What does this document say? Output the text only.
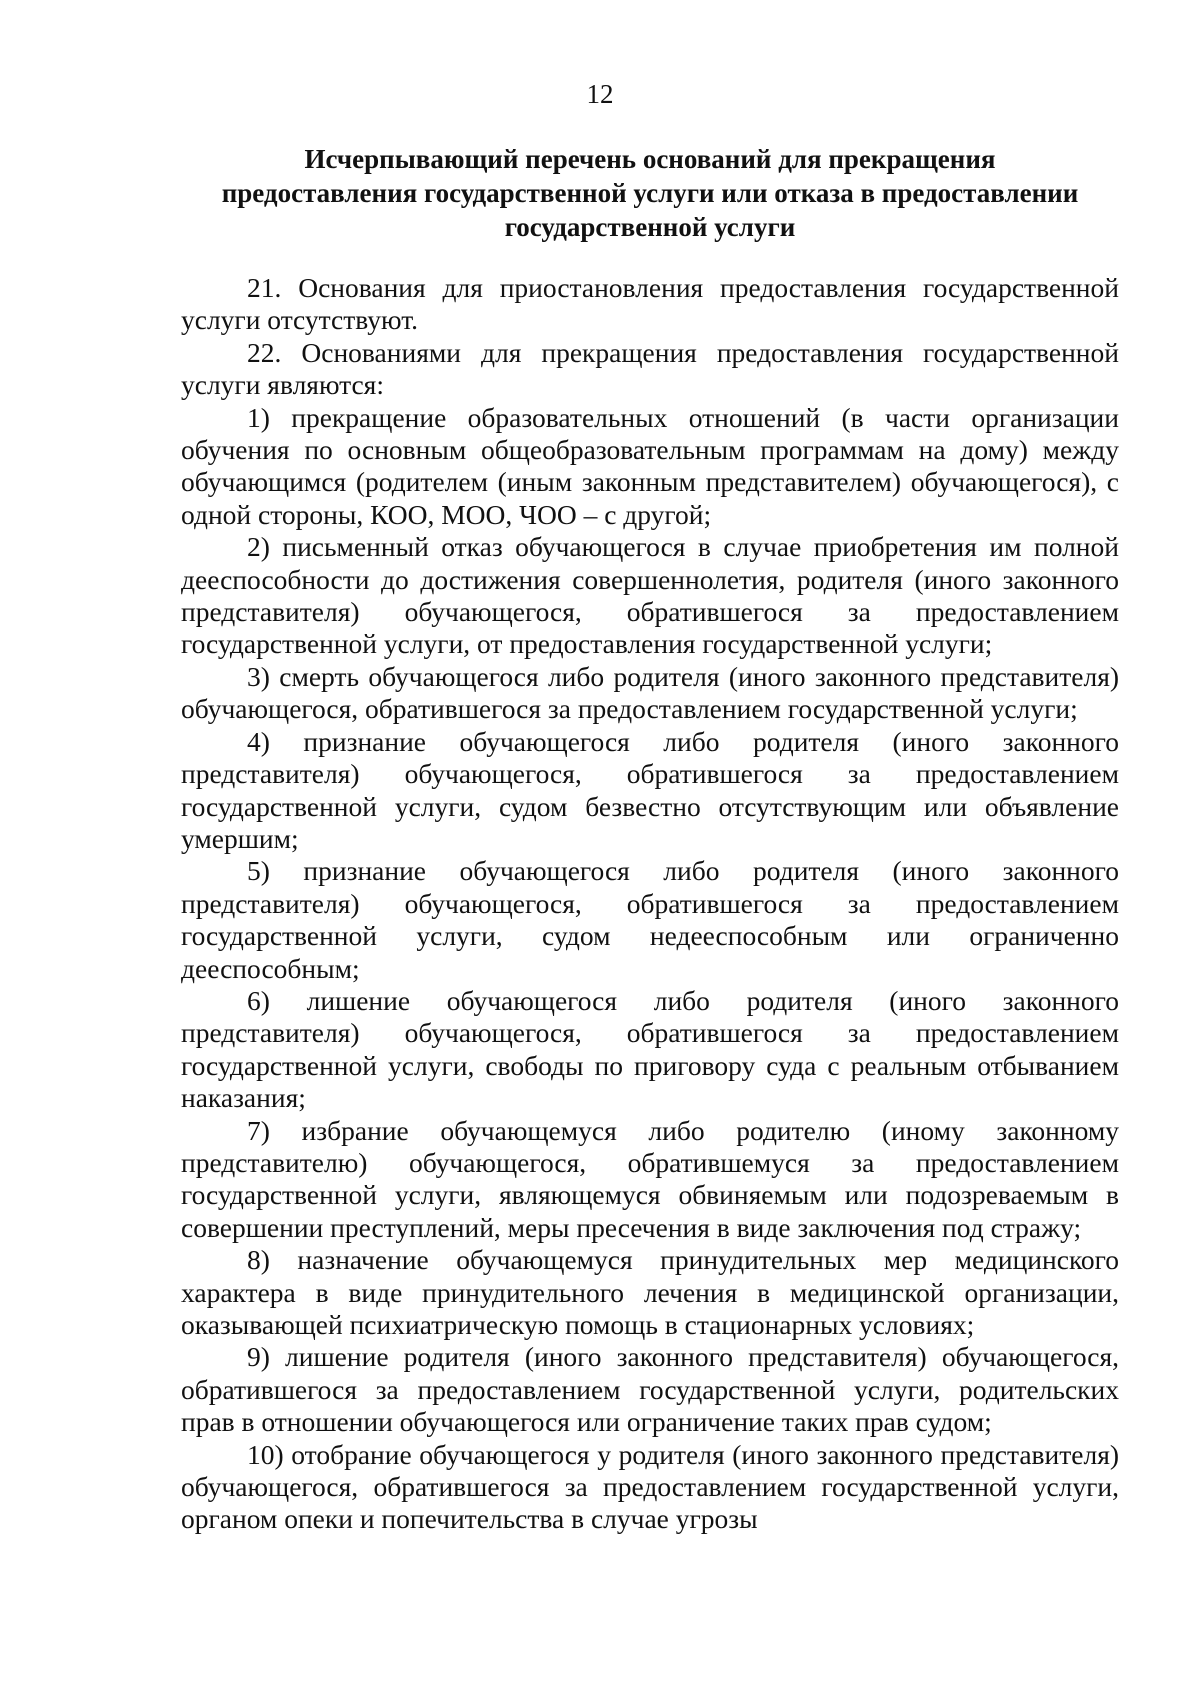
12
Исчерпывающий перечень оснований для прекращения
предоставления государственной услуги или отказа в предоставлении
государственной услуги

21. Основания для приостановления предоставления государственной услуги отсутствуют.

22. Основаниями для прекращения предоставления государственной услуги являются:

1) прекращение образовательных отношений (в части организации обучения по основным общеобразовательным программам на дому) между обучающимся (родителем (иным законным представителем) обучающегося), с одной стороны, КОО, МОО, ЧОО – с другой;

2) письменный отказ обучающегося в случае приобретения им полной дееспособности до достижения совершеннолетия, родителя (иного законного представителя) обучающегося, обратившегося за предоставлением государственной услуги, от предоставления государственной услуги;

3) смерть обучающегося либо родителя (иного законного представителя) обучающегося, обратившегося за предоставлением государственной услуги;

4) признание обучающегося либо родителя (иного законного представителя) обучающегося, обратившегося за предоставлением государственной услуги, судом безвестно отсутствующим или объявление умершим;

5) признание обучающегося либо родителя (иного законного представителя) обучающегося, обратившегося за предоставлением государственной услуги, судом недееспособным или ограниченно дееспособным;

6) лишение обучающегося либо родителя (иного законного представителя) обучающегося, обратившегося за предоставлением государственной услуги, свободы по приговору суда с реальным отбыванием наказания;

7) избрание обучающемуся либо родителю (иному законному представителю) обучающегося, обратившемуся за предоставлением государственной услуги, являющемуся обвиняемым или подозреваемым в совершении преступлений, меры пресечения в виде заключения под стражу;

8) назначение обучающемуся принудительных мер медицинского характера в виде принудительного лечения в медицинской организации, оказывающей психиатрическую помощь в стационарных условиях;

9) лишение родителя (иного законного представителя) обучающегося, обратившегося за предоставлением государственной услуги, родительских прав в отношении обучающегося или ограничение таких прав судом;

10) отобрание обучающегося у родителя (иного законного представителя) обучающегося, обратившегося за предоставлением государственной услуги, органом опеки и попечительства в случае угрозы
